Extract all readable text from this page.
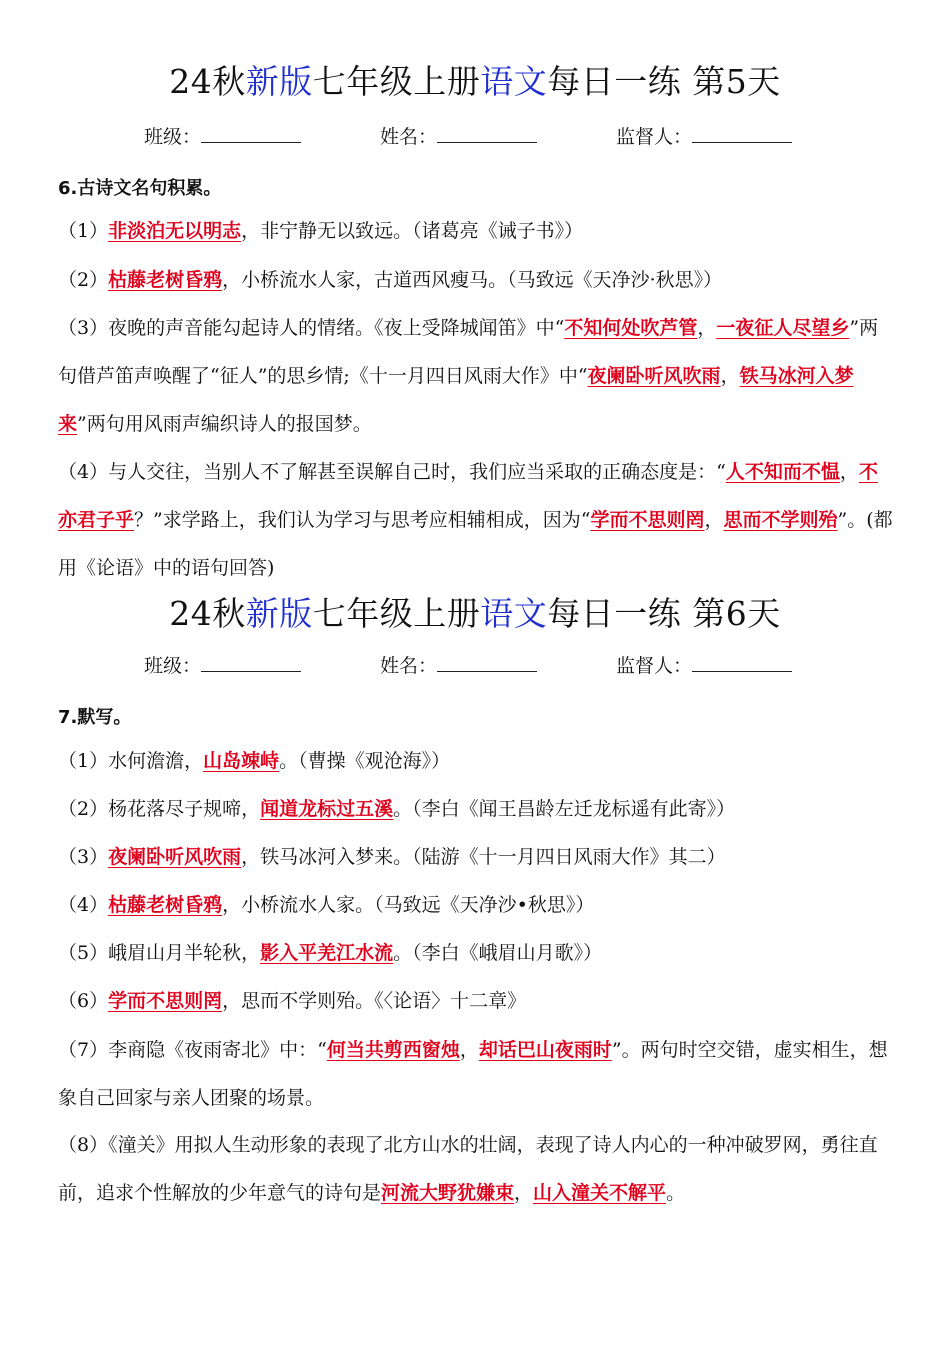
24秋新版七年级上册语文每日一练 第5天
班级：	姓名：	监督人：
6.古诗文名句积累。
（1）非淡泊无以明志，非宁静无以致远。（诸葛亮《诫子书》）
（2）枯藤老树昏鸦，小桥流水人家，古道西风瘦马。（马致远《天净沙·秋思》）
（3）夜晚的声音能勾起诗人的情绪。《夜上受降城闻笛》中“不知何处吹芦管，一夜征人尽望乡”两句借芦笛声唤醒了“征人”的思乡情;《十一月四日风雨大作》中“夜阑卧听风吹雨，铁马冰河入梦来”两句用风雨声编织诗人的报国梦。
（4）与人交往，当别人不了解甚至误解自己时，我们应当采取的正确态度是：“人不知而不愠，不亦君子乎？”求学路上，我们认为学习与思考应相辅相成，因为“学而不思则罔，思而不学则殆”。(都用《论语》中的语句回答)
24秋新版七年级上册语文每日一练 第6天
班级：	姓名：	监督人：
7.默写。
（1）水何澹澹，山岛竦峙。（曹操《观沧海》）
（2）杨花落尽子规啼，闻道龙标过五溪。（李白《闻王昌龄左迁龙标遥有此寄》）
（3）夜阑卧听风吹雨，铁马冰河入梦来。（陆游《十一月四日风雨大作》其二）
（4）枯藤老树昏鸦，小桥流水人家。（马致远《天净沙•秋思》）
（5）峨眉山月半轮秋，影入平羌江水流。（李白《峨眉山月歌》）
（6）学而不思则罔，思而不学则殆。《〈论语〉十二章》
（7）李商隐《夜雨寄北》中：“何当共剪西窗烛，却话巴山夜雨时”。两句时空交错，虚实相生，想象自己回家与亲人团聚的场景。
（8）《潼关》用拟人生动形象的表现了北方山水的壮阔，表现了诗人内心的一种冲破罗网，勇往直前，追求个性解放的少年意气的诗句是河流大野犹嫌束，山入潼关不解平。
